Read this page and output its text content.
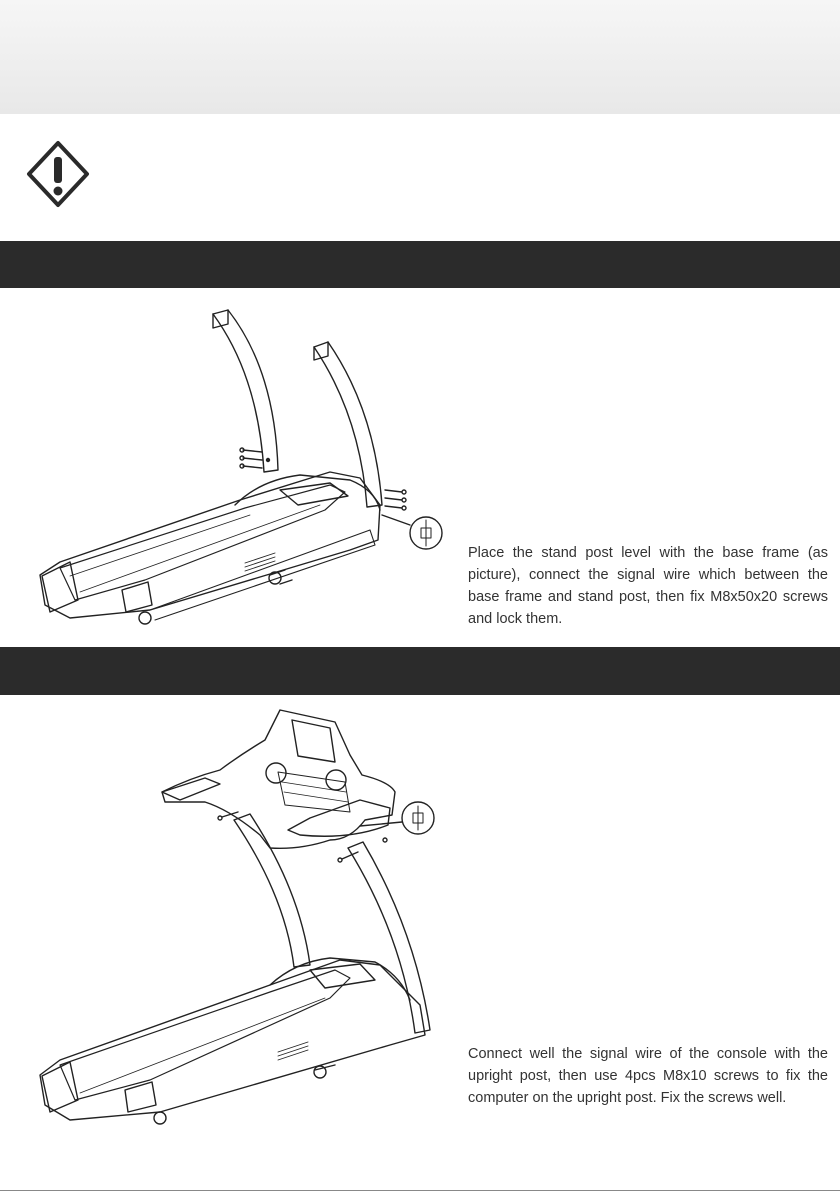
Place the stand post level with the base frame (as picture), connect the signal wire which between the base frame and stand post, then fix M8x50x20 screws and lock them.
Connect well the signal wire of the console with the upright post, then use 4pcs M8x10 screws to fix the computer on the upright post. Fix the screws well.
